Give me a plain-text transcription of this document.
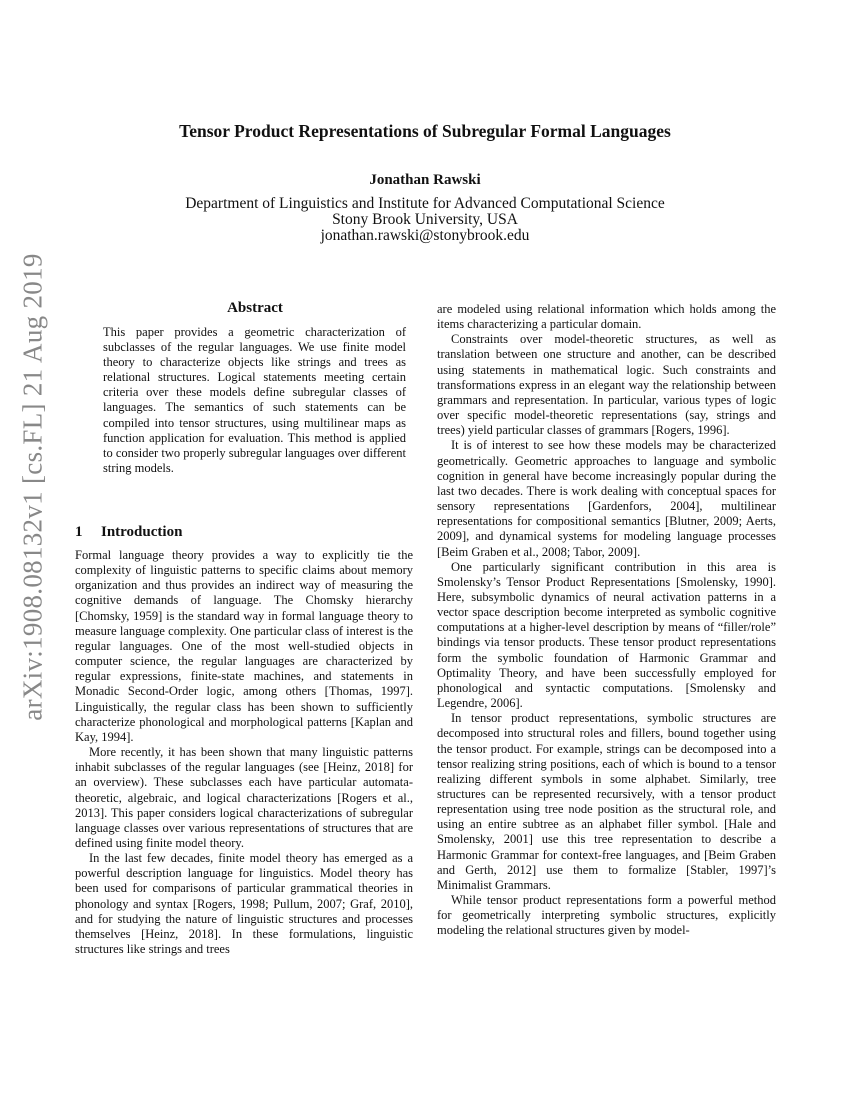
Tensor Product Representations of Subregular Formal Languages
Jonathan Rawski
Department of Linguistics and Institute for Advanced Computational Science
Stony Brook University, USA
jonathan.rawski@stonybrook.edu
arXiv:1908.08132v1 [cs.FL] 21 Aug 2019	Abstract
This paper provides a geometric characterization of subclasses of the regular languages. We use finite model theory to characterize objects like strings and trees as relational structures. Logical statements meeting certain criteria over these models define subregular classes of languages. The semantics of such statements can be compiled into tensor structures, using multilinear maps as function application for evaluation. This method is applied to consider two properly subregular languages over different string models.
1 Introduction

Formal language theory provides a way to explicitly tie the complexity of linguistic patterns to specific claims about memory organization and thus provides an indirect way of measuring the cognitive demands of language. The Chomsky hierarchy [Chomsky, 1959] is the standard way in formal language theory to measure language complexity. One particular class of interest is the regular languages. One of the most well-studied objects in computer science, the regular languages are characterized by regular expressions, finite-state machines, and statements in Monadic Second-Order logic, among others [Thomas, 1997]. Linguistically, the regular class has been shown to sufficiently characterize phonological and morphological patterns [Kaplan and Kay, 1994].

More recently, it has been shown that many linguistic patterns inhabit subclasses of the regular languages (see [Heinz, 2018] for an overview). These subclasses each have particular automata-theoretic, algebraic, and logical characterizations [Rogers et al., 2013]. This paper considers logical characterizations of subregular language classes over various representations of structures that are defined using finite model theory.

In the last few decades, finite model theory has emerged as a powerful description language for linguistics. Model theory has been used for comparisons of particular grammatical theories in phonology and syntax [Rogers, 1998; Pullum, 2007; Graf, 2010], and for studying the nature of linguistic structures and processes themselves [Heinz, 2018]. In these formulations, linguistic structures like strings and trees

are modeled using relational information which holds among the items characterizing a particular domain.

Constraints over model-theoretic structures, as well as translation between one structure and another, can be described using statements in mathematical logic. Such constraints and transformations express in an elegant way the relationship between grammars and representation. In particular, various types of logic over specific model-theoretic representations (say, strings and trees) yield particular classes of grammars [Rogers, 1996].

It is of interest to see how these models may be characterized geometrically. Geometric approaches to language and symbolic cognition in general have become increasingly popular during the last two decades. There is work dealing with conceptual spaces for sensory representations [Gardenfors, 2004], multilinear representations for compositional semantics [Blutner, 2009; Aerts, 2009], and dynamical systems for modeling language processes [Beim Graben et al., 2008; Tabor, 2009].

One particularly significant contribution in this area is Smolensky’s Tensor Product Representations [Smolensky, 1990]. Here, subsymbolic dynamics of neural activation patterns in a vector space description become interpreted as symbolic cognitive computations at a higher-level description by means of “filler/role” bindings via tensor products. These tensor product representations form the symbolic foundation of Harmonic Grammar and Optimality Theory, and have been successfully employed for phonological and syntactic computations. [Smolensky and Legendre, 2006].

In tensor product representations, symbolic structures are decomposed into structural roles and fillers, bound together using the tensor product. For example, strings can be decomposed into a tensor realizing string positions, each of which is bound to a tensor realizing different symbols in some alphabet. Similarly, tree structures can be represented recursively, with a tensor product representation using tree node position as the structural role, and using an entire subtree as an alphabet filler symbol. [Hale and Smolensky, 2001] use this tree representation to describe a Harmonic Grammar for context-free languages, and [Beim Graben and Gerth, 2012] use them to formalize [Stabler, 1997]’s Minimalist Grammars.

While tensor product representations form a powerful method for geometrically interpreting symbolic structures, explicitly modeling the relational structures given by model-
